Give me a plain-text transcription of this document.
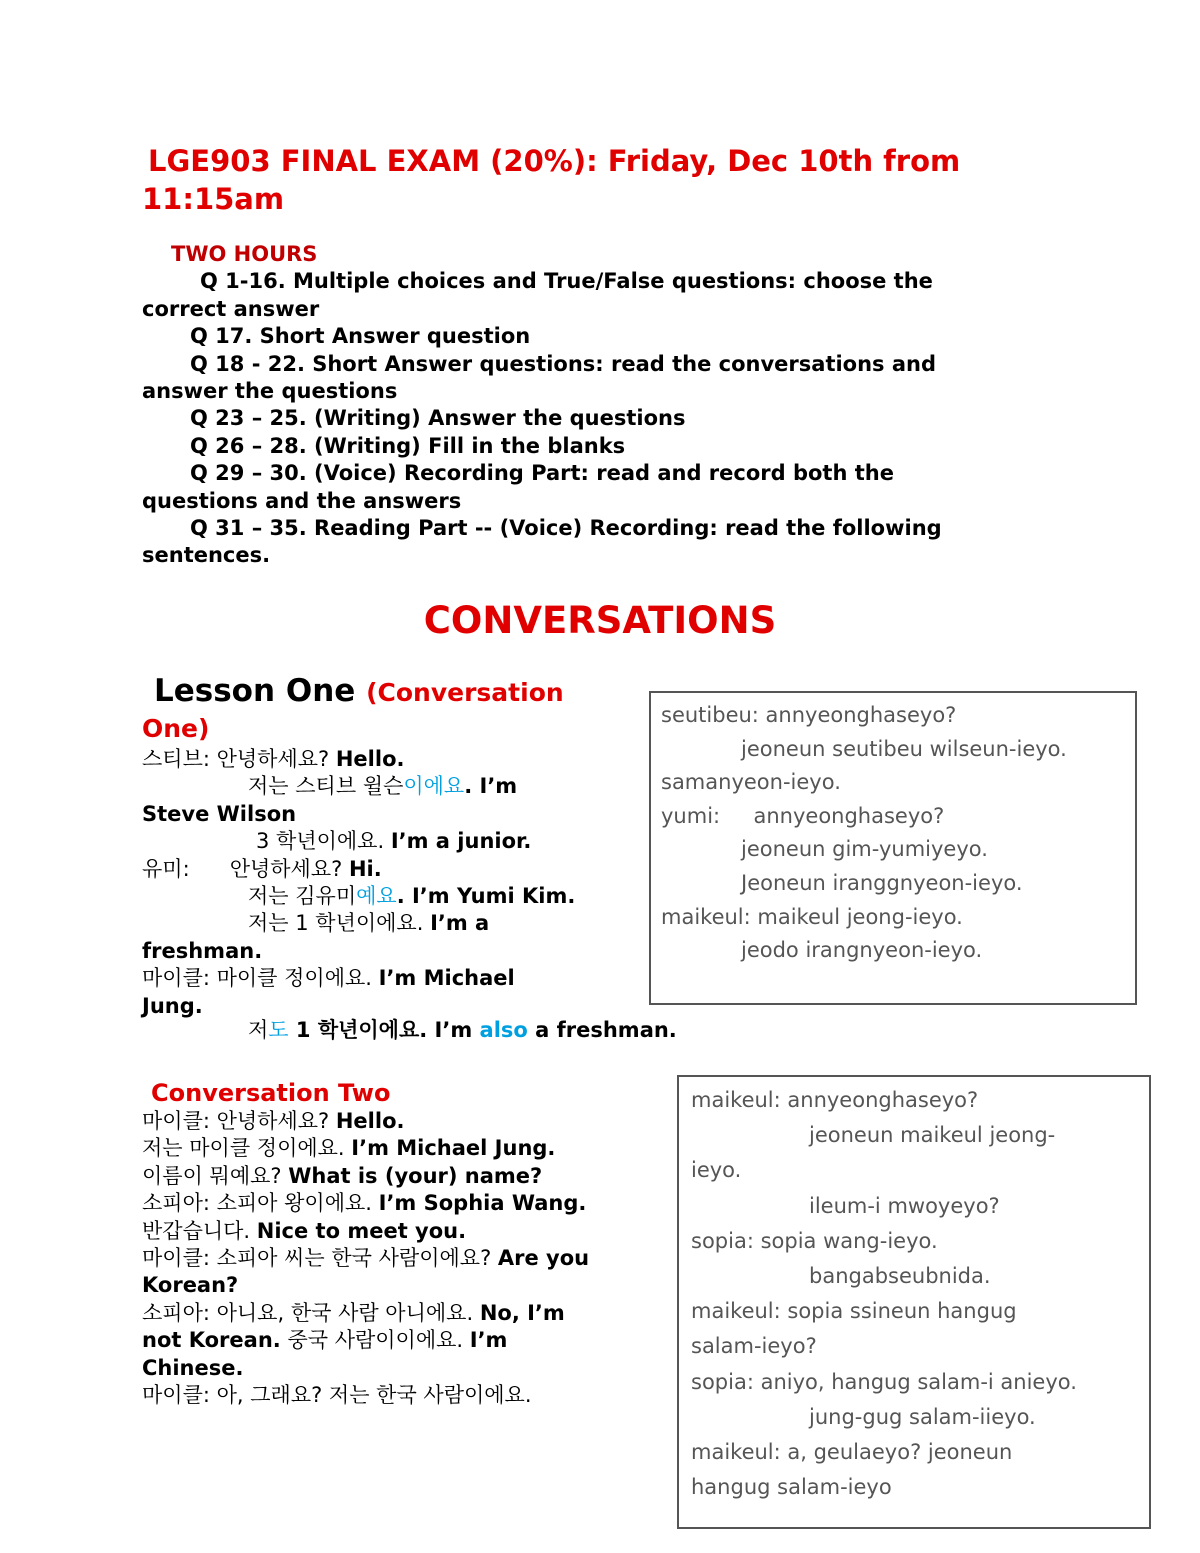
LGE903 FINAL EXAM (20%): Friday, Dec 10th from
11:15am
TWO HOURS
Q 1-16. Multiple choices and True/False questions: choose the
correct answer
Q 17. Short Answer question
Q 18 - 22. Short Answer questions: read the conversations and
answer the questions
Q 23 – 25. (Writing) Answer the questions
Q 26 – 28. (Writing) Fill in the blanks
Q 29 – 30. (Voice) Recording Part: read and record both the
questions and the answers
Q 31 – 35. Reading Part -- (Voice) Recording: read the following
sentences.
CONVERSATIONS
Lesson One (Conversation
One)
스티브: 안녕하세요? Hello.
저는 스티브 윌슨이에요. I’m
Steve Wilson
3 학년이에요. I’m a junior.
유미:      안녕하세요? Hi.
저는 김유미예요. I’m Yumi Kim.
저는 1 학년이에요. I’m a
freshman.
마이클: 마이클 정이에요. I’m Michael
Jung.
저도 1 학년이에요. I’m also a freshman.
seutibeu: annyeonghaseyo?
jeoneun seutibeu wilseun-ieyo.
samanyeon-ieyo.
yumi:     annyeonghaseyo?
jeoneun gim-yumiyeyo.
Jeoneun iranggnyeon-ieyo.
maikeul: maikeul jeong-ieyo.
jeodo irangnyeon-ieyo.
Conversation Two
마이클: 안녕하세요? Hello.
저는 마이클 정이에요. I’m Michael Jung.
이름이 뭐예요? What is (your) name?
소피아: 소피아 왕이에요. I’m Sophia Wang.
반갑습니다. Nice to meet you.
마이클: 소피아 씨는 한국 사람이에요? Are you
Korean?
소피아: 아니요, 한국 사람 아니에요. No, I’m
not Korean. 중국 사람이이에요. I’m
Chinese.
마이클: 아, 그래요? 저는 한국 사람이에요.
maikeul: annyeonghaseyo?
jeoneun maikeul jeong-
ieyo.
ileum-i mwoyeyo?
sopia: sopia wang-ieyo.
bangabseubnida.
maikeul: sopia ssineun hangug
salam-ieyo?
sopia: aniyo, hangug salam-i anieyo.
jung-gug salam-iieyo.
maikeul: a, geulaeyo? jeoneun
hangug salam-ieyo
